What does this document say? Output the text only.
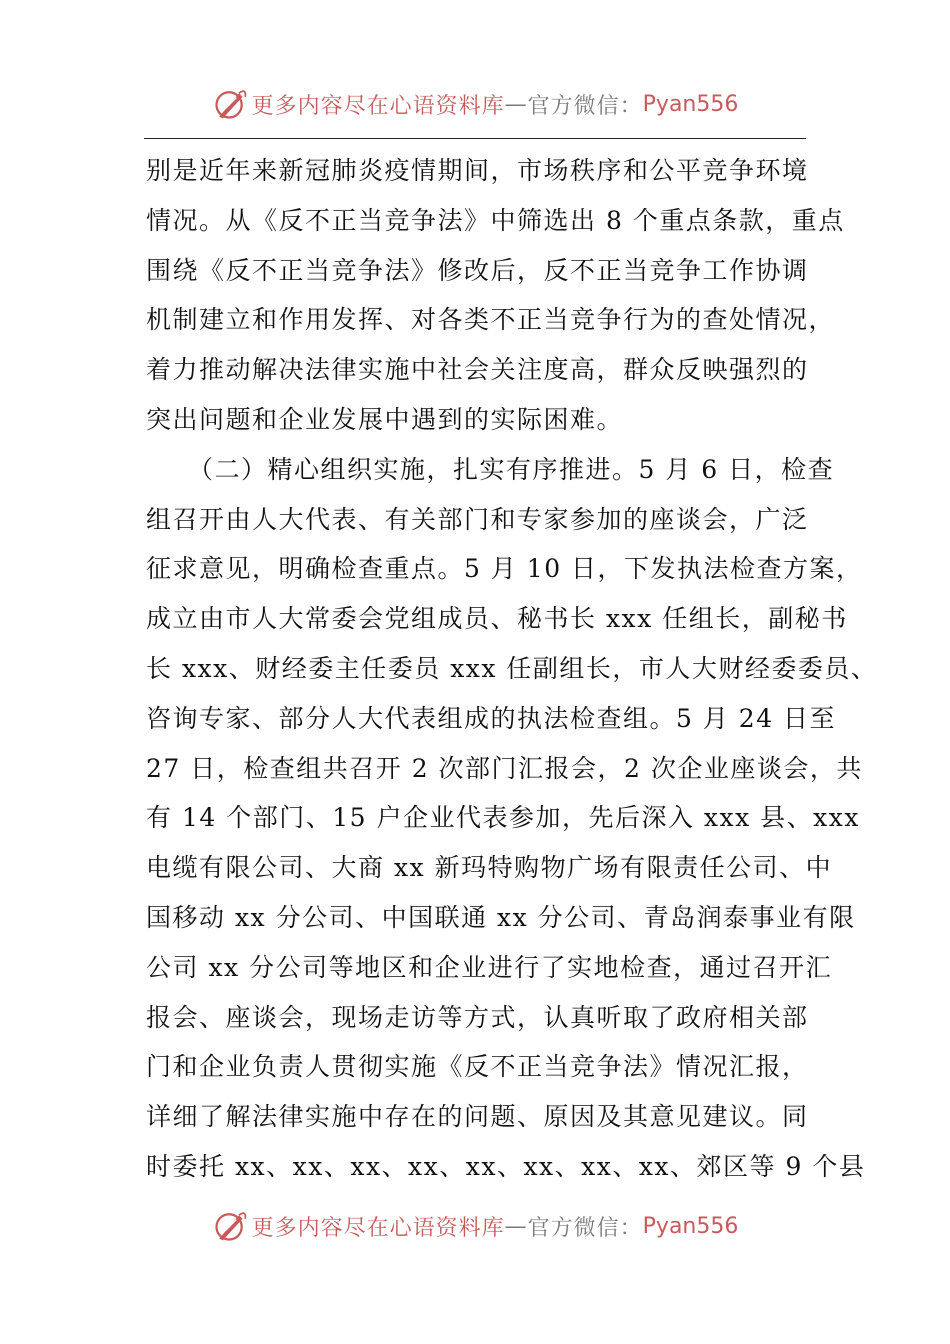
更多内容尽在心语资料库 — 官方微信： Pyan556
别是近年来新冠肺炎疫情期间，市场秩序和公平竞争环境
情况。从《反不正当竞争法》中筛选出 8 个重点条款，重点
围绕《反不正当竞争法》修改后，反不正当竞争工作协调
机制建立和作用发挥、对各类不正当竞争行为的查处情况，
着力推动解决法律实施中社会关注度高，群众反映强烈的
突出问题和企业发展中遇到的实际困难。
（二）精心组织实施，扎实有序推进。5 月 6 日，检查
组召开由人大代表、有关部门和专家参加的座谈会，广泛
征求意见，明确检查重点。5 月 10 日，下发执法检查方案，
成立由市人大常委会党组成员、秘书长 xxx 任组长，副秘书
长 xxx、财经委主任委员 xxx 任副组长，市人大财经委委员、
咨询专家、部分人大代表组成的执法检查组。5 月 24 日至
27 日，检查组共召开 2 次部门汇报会，2 次企业座谈会，共
有 14 个部门、15 户企业代表参加，先后深入 xxx 县、xxx
电缆有限公司、大商 xx 新玛特购物广场有限责任公司、中
国移动 xx 分公司、中国联通 xx 分公司、青岛润泰事业有限
公司 xx 分公司等地区和企业进行了实地检查，通过召开汇
报会、座谈会，现场走访等方式，认真听取了政府相关部
门和企业负责人贯彻实施《反不正当竞争法》情况汇报，
详细了解法律实施中存在的问题、原因及其意见建议。同
时委托 xx、xx、xx、xx、xx、xx、xx、xx、郊区等 9 个县
更多内容尽在心语资料库 — 官方微信： Pyan556
